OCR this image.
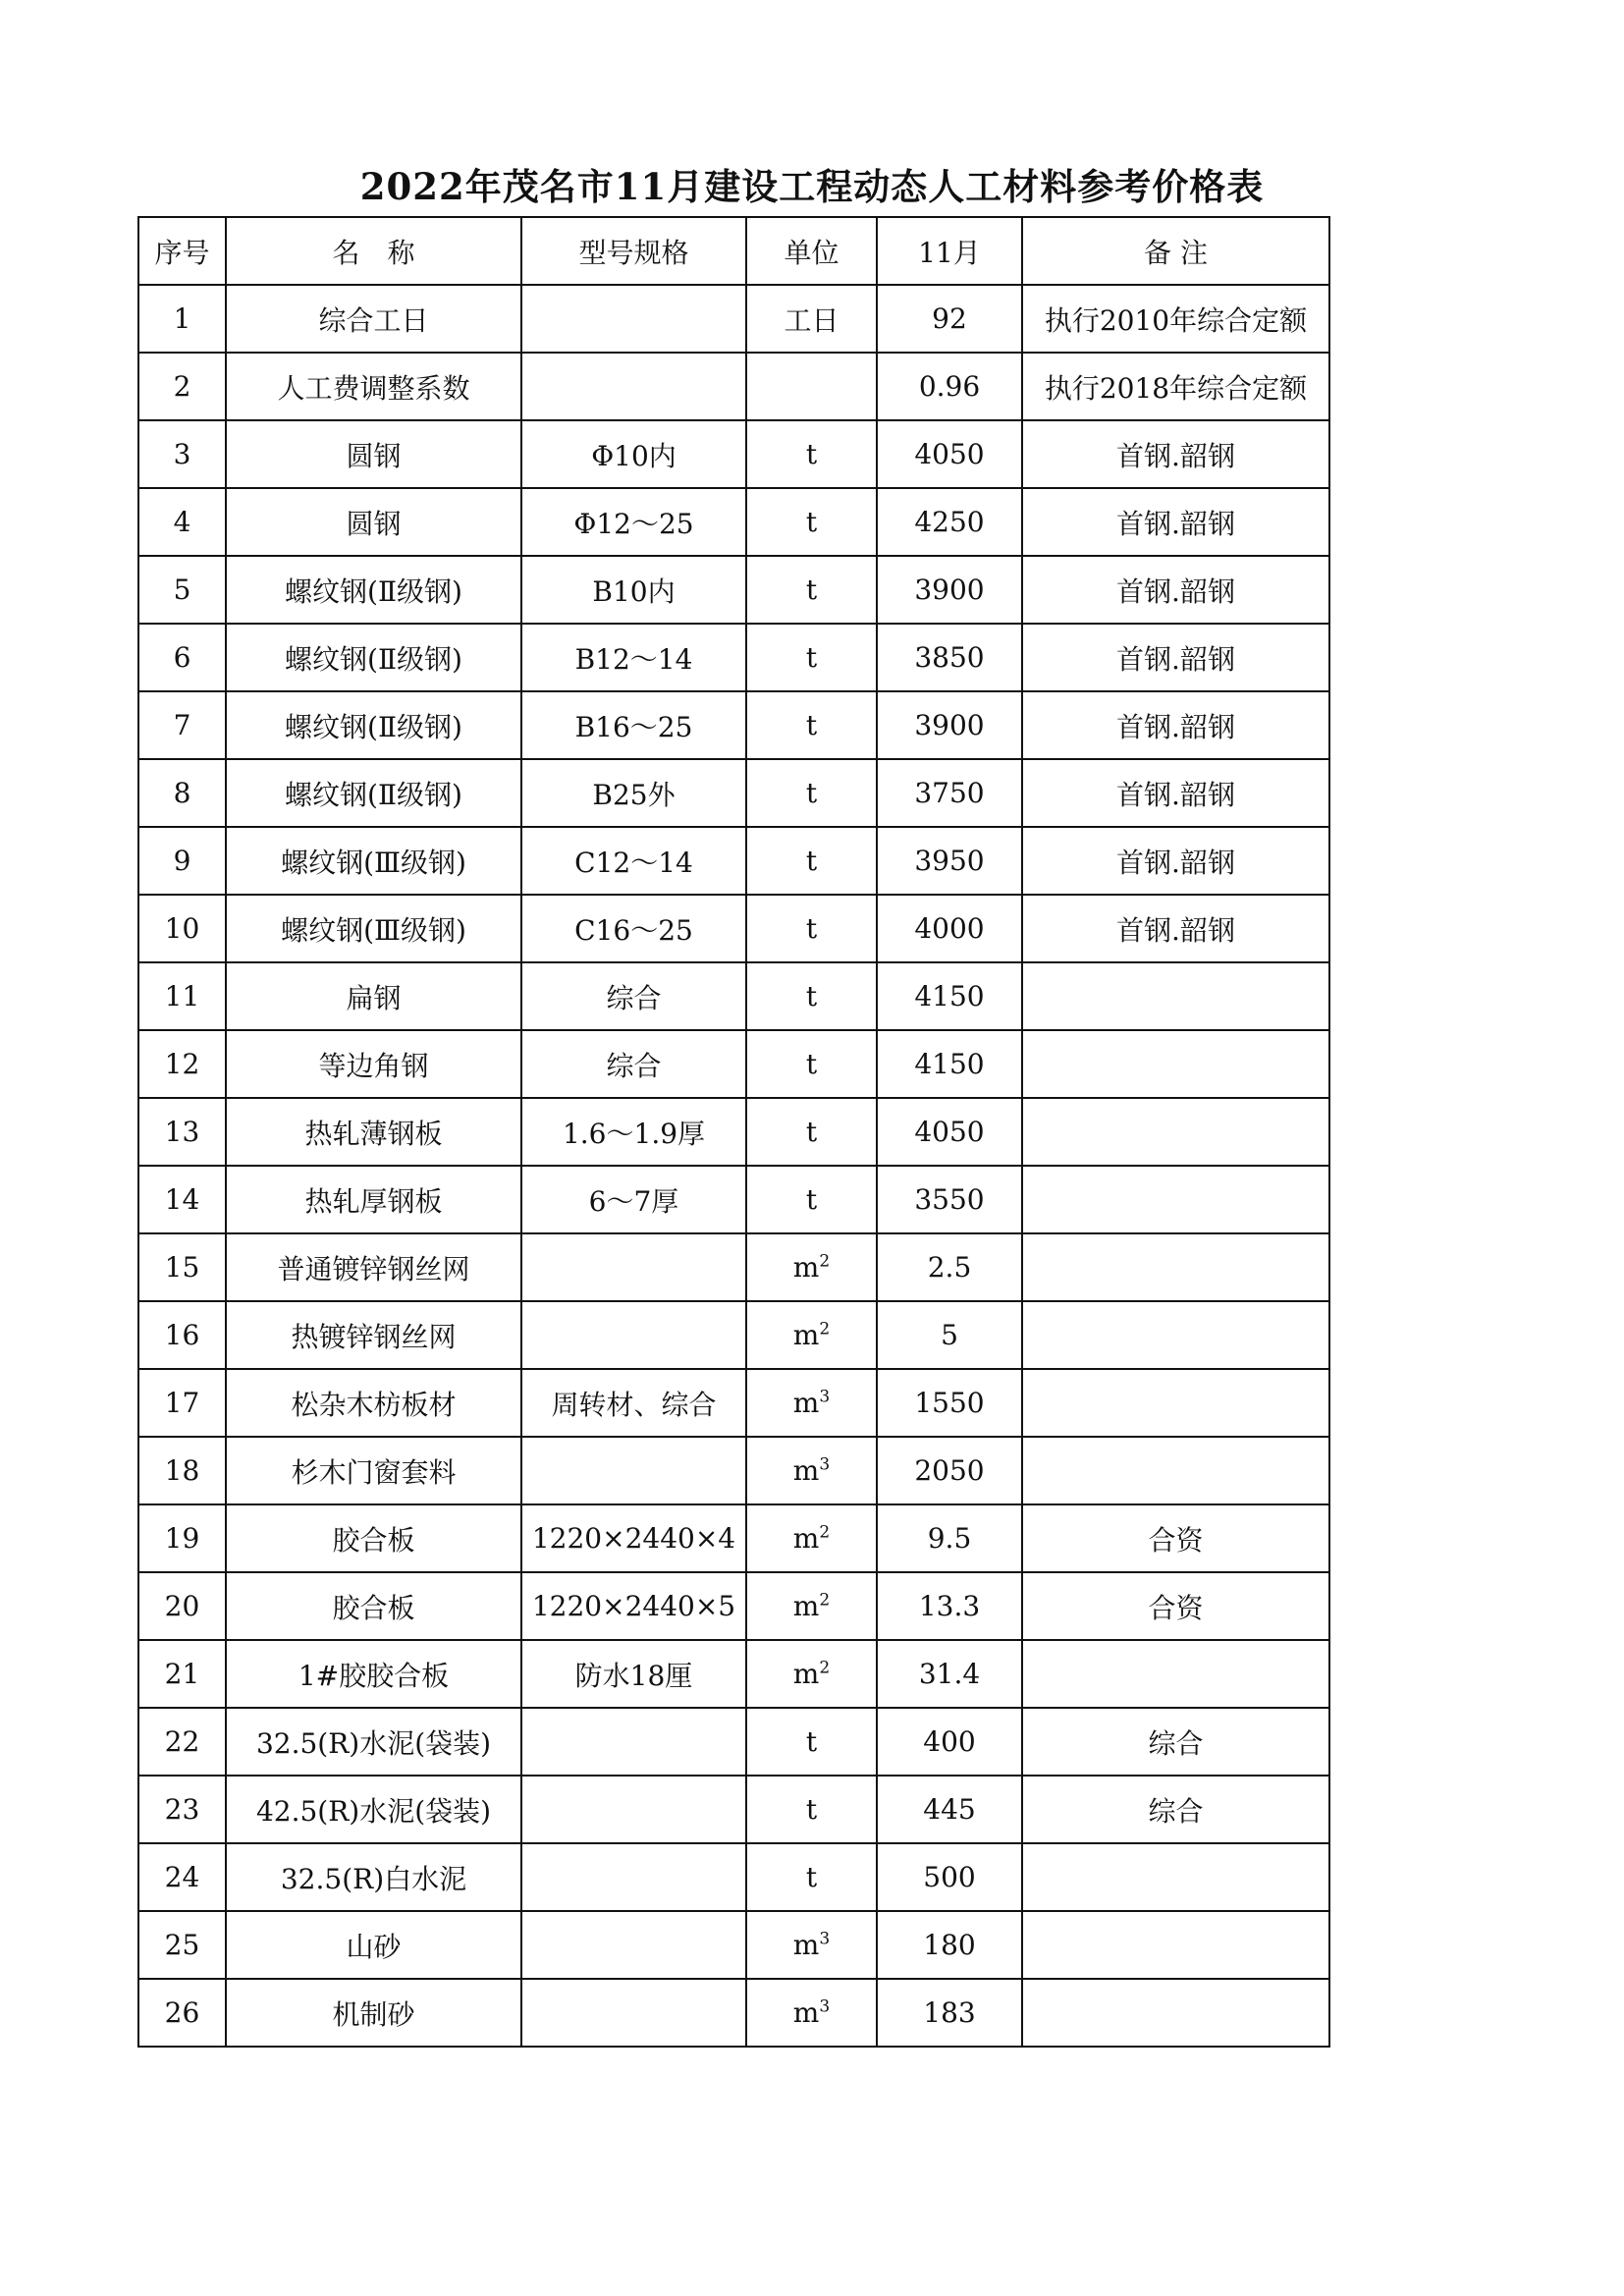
2022年茂名市11月建设工程动态人工材料参考价格表
序号	名　称	型号规格	单位	11月	备 注
1	综合工日		工日	92	执行2010年综合定额
2	人工费调整系数			0.96	执行2018年综合定额
3	圆钢	Φ10内	t	4050	首钢.韶钢
4	圆钢	Φ12～25	t	4250	首钢.韶钢
5	螺纹钢(Ⅱ级钢)	B10内	t	3900	首钢.韶钢
6	螺纹钢(Ⅱ级钢)	B12～14	t	3850	首钢.韶钢
7	螺纹钢(Ⅱ级钢)	B16～25	t	3900	首钢.韶钢
8	螺纹钢(Ⅱ级钢)	B25外	t	3750	首钢.韶钢
9	螺纹钢(Ⅲ级钢)	C12～14	t	3950	首钢.韶钢
10	螺纹钢(Ⅲ级钢)	C16～25	t	4000	首钢.韶钢
11	扁钢	综合	t	4150	
12	等边角钢	综合	t	4150	
13	热轧薄钢板	1.6～1.9厚	t	4050	
14	热轧厚钢板	6～7厚	t	3550	
15	普通镀锌钢丝网		$m^2$	2.5	
16	热镀锌钢丝网		$m^2$	5	
17	松杂木枋板材	周转材、综合	$m^3$	1550	
18	杉木门窗套料		$m^3$	2050	
19	胶合板	1220×2440×4	$m^2$	9.5	合资
20	胶合板	1220×2440×5	$m^2$	13.3	合资
21	1#胶胶合板	防水18厘	$m^2$	31.4	
22	32.5(R)水泥(袋装)		t	400	综合
23	42.5(R)水泥(袋装)		t	445	综合
24	32.5(R)白水泥		t	500	
25	山砂		$m^3$	180	
26	机制砂		$m^3$	183	
